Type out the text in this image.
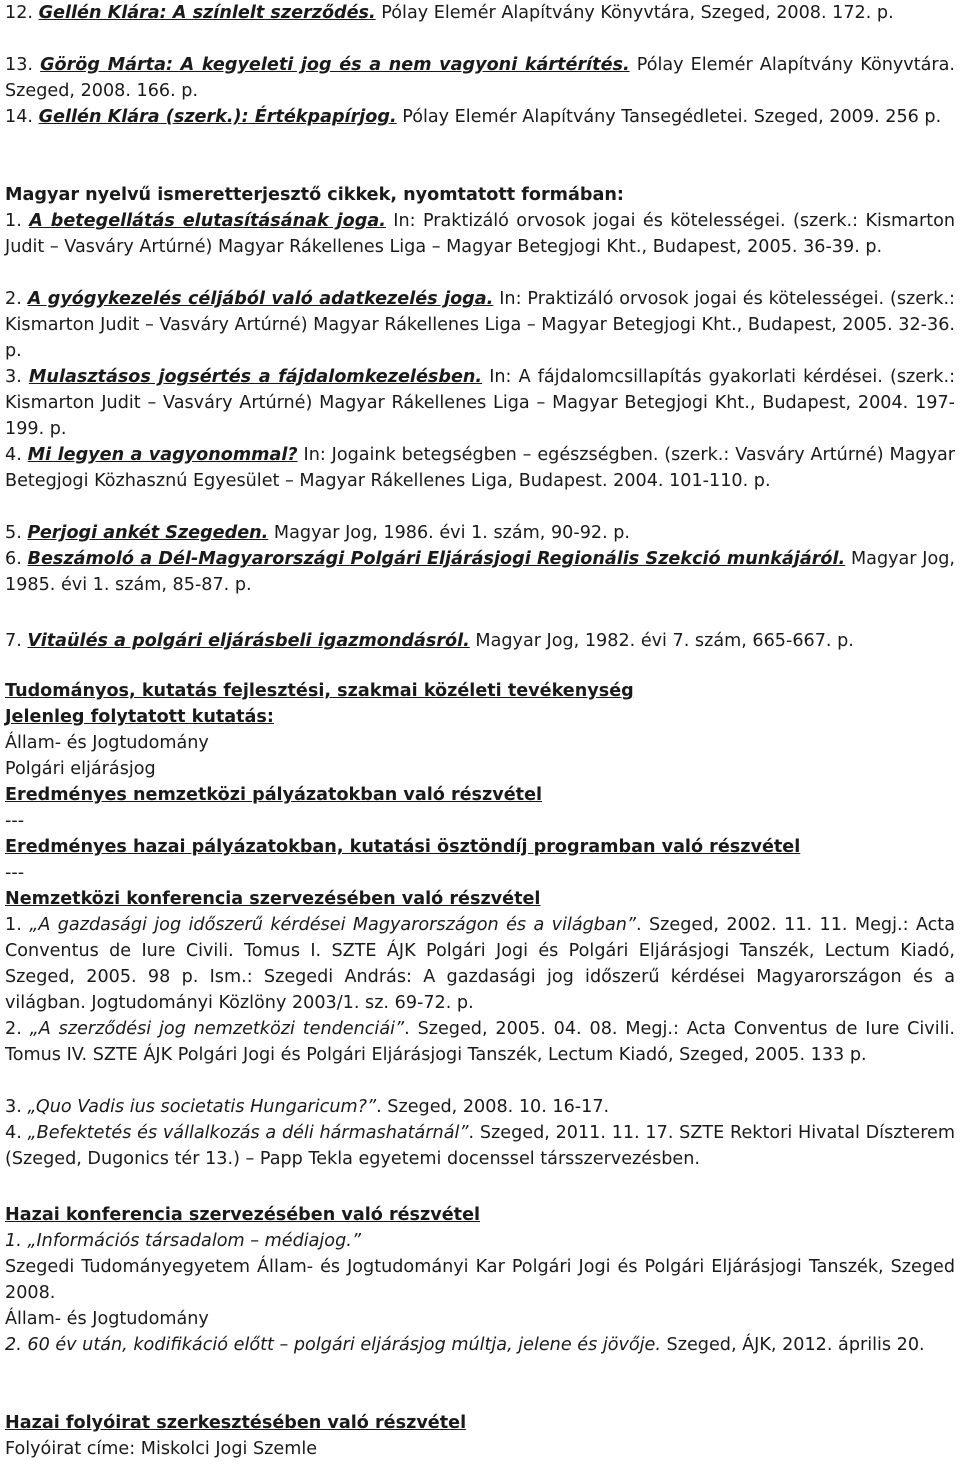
12. Gellén Klára: A színlelt szerződés. Pólay Elemér Alapítvány Könyvtára, Szeged, 2008. 172. p.
13. Görög Márta: A kegyeleti jog és a nem vagyoni kártérítés. Pólay Elemér Alapítvány Könyvtára. Szeged, 2008. 166. p.
14. Gellén Klára (szerk.): Értékpapírjog. Pólay Elemér Alapítvány Tansegédletei. Szeged, 2009. 256 p.
Magyar nyelvű ismeretterjesztő cikkek, nyomtatott formában:
1. A betegellátás elutasításának joga. In: Praktizáló orvosok jogai és kötelességei. (szerk.: Kismarton Judit – Vasváry Artúrné) Magyar Rákellenes Liga – Magyar Betegjogi Kht., Budapest, 2005. 36-39. p.
2. A gyógykezelés céljából való adatkezelés joga. In: Praktizáló orvosok jogai és kötelességei. (szerk.: Kismarton Judit – Vasváry Artúrné) Magyar Rákellenes Liga – Magyar Betegjogi Kht., Budapest, 2005. 32-36. p.
3. Mulasztásos jogsértés a fájdalomkezelésben. In: A fájdalomcsillapítás gyakorlati kérdései. (szerk.: Kismarton Judit – Vasváry Artúrné) Magyar Rákellenes Liga – Magyar Betegjogi Kht., Budapest, 2004. 197-199. p.
4. Mi legyen a vagyonommal? In: Jogaink betegségben – egészségben. (szerk.: Vasváry Artúrné) Magyar Betegjogi Közhasznú Egyesület – Magyar Rákellenes Liga, Budapest. 2004. 101-110. p.
5. Perjogi ankét Szegeden. Magyar Jog, 1986. évi 1. szám, 90-92. p.
6. Beszámoló a Dél-Magyarországi Polgári Eljárásjogi Regionális Szekció munkájáról. Magyar Jog, 1985. évi 1. szám, 85-87. p.
7. Vitaülés a polgári eljárásbeli igazmondásról. Magyar Jog, 1982. évi 7. szám, 665-667. p.
Tudományos, kutatás fejlesztési, szakmai közéleti tevékenység
Jelenleg folytatott kutatás:
Állam- és Jogtudomány
Polgári eljárásjog
Eredményes nemzetközi pályázatokban való részvétel
---
Eredményes hazai pályázatokban, kutatási ösztöndíj programban való részvétel
---
Nemzetközi konferencia szervezésében való részvétel
1. „A gazdasági jog időszerű kérdései Magyarországon és a világban”. Szeged, 2002. 11. 11. Megj.: Acta Conventus de Iure Civili. Tomus I. SZTE ÁJK Polgári Jogi és Polgári Eljárásjogi Tanszék, Lectum Kiadó, Szeged, 2005. 98 p. Ism.: Szegedi András: A gazdasági jog időszerű kérdései Magyarországon és a világban. Jogtudományi Közlöny 2003/1. sz. 69-72. p.
2. „A szerződési jog nemzetközi tendenciái”. Szeged, 2005. 04. 08. Megj.: Acta Conventus de Iure Civili. Tomus IV. SZTE ÁJK Polgári Jogi és Polgári Eljárásjogi Tanszék, Lectum Kiadó, Szeged, 2005. 133 p.
3. „Quo Vadis ius societatis Hungaricum?”. Szeged, 2008. 10. 16-17.
4. „Befektetés és vállalkozás a déli hármashatárnál”. Szeged, 2011. 11. 17. SZTE Rektori Hivatal Díszterem (Szeged, Dugonics tér 13.) – Papp Tekla egyetemi docenssel társszervezésben.
Hazai konferencia szervezésében való részvétel
1. „Információs társadalom – médiajog.”
Szegedi Tudományegyetem Állam- és Jogtudományi Kar Polgári Jogi és Polgári Eljárásjogi Tanszék, Szeged 2008.
Állam- és Jogtudomány
2. 60 év után, kodifikáció előtt – polgári eljárásjog múltja, jelene és jövője. Szeged, ÁJK, 2012. április 20.
Hazai folyóirat szerkesztésében való részvétel
Folyóirat címe: Miskolci Jogi Szemle
